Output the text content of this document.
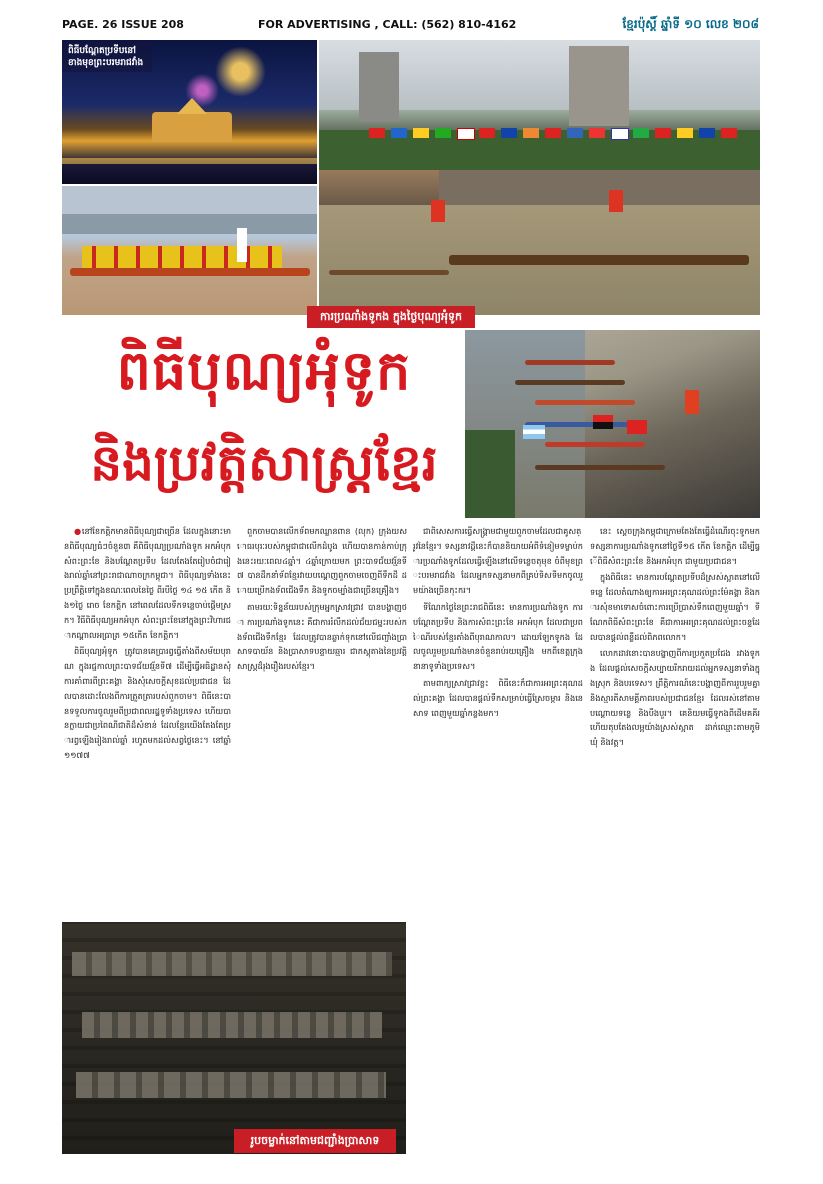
PAGE. 26 ISSUE 208	FOR ADVERTISING , CALL: (562) 810-4162	ខ្មែរប៉ុស្តិ៍ ឆ្នាំទី ១០ លេខ ២០៨
ពិធីបណ្តែតប្រទីបនៅខាងមុខព្រះបរមរាជវាំង
ការប្រណាំងទូកង ក្នុងថ្ងៃបុណ្យអុំទូក
ពិធីបុណ្យអុំទូក
និងប្រវត្តិសាស្ត្រខ្មែរ

●នៅខែកត្តិកមានពិធីបុណ្យជាច្រើន ដែលក្នុងនោះមានពិធីបុណ្យធំៗចំនួន៣ គឺពិធីបុណ្យប្រណាំងទូក អកអំបុក សំពះព្រះខែ និងបណ្តែតប្រទីប ដែលតែងតែរៀបចំជារៀងរាល់ឆ្នាំនៅព្រះរាជាណាចក្រកម្ពុជា។ ពិធីបុណ្យទាំងនេះប្រព្រឹត្តិទៅក្នុងខណៈពេលនៃថ្ងៃ ពីរបីថ្ងៃ ១៤ ១៥ កើត និង១ថ្ងៃ រោច ខែកត្តិក នៅពេលដែលទឹកទន្លេចាប់ផ្តើមស្រក។ វិធីពិធីបុណ្យអកអំបុក សំពះព្រះខែនៅក្នុងព្រះវិហារជាកណ្តាលអធ្រាត្រ ១៥កើត ខែកត្តិក។

ពិធីបុណ្យអុំទូក ត្រូវបានគេប្រារព្ធធ្វើតាំងពីសម័យបុរាណ ក្នុងរជ្ជកាលព្រះបាទជ័យវរ្ម័នទី៧ ដើម្បីធ្វើអធិដ្ឋានសុំការគាំពារពីព្រះគង្គា និងសុំសេចក្តីសុខដល់ប្រជាជន ដែលបានដោះលែងពីការត្រួតត្រារបស់ពួកចាម។ ពិធីនេះបានទទួលការចូលរួមពីប្រជាពលរដ្ឋទូទាំងប្រទេស ហើយបានក្លាយជាប្រពៃណីជាតិដ៏សំខាន់ ដែលខ្មែរយើងតែងតែប្រារព្ធឡើងរៀងរាល់ឆ្នាំ រហូតមកដល់សព្វថ្ងៃនេះ។ នៅឆ្នាំ ១១៧៧

ពួកចាមបានលើកទ័ពមកឈ្លានពាន (លុក) ក្រុងយសោធរបុរៈរបស់កម្ពុជាជាលើកដំបូង ហើយបានកាន់កាប់ក្រុងនេះរយៈពេល៤ឆ្នាំ។ ៤ឆ្នាំក្រោយមក ព្រះបាទជ័យវរ្ម័នទី៧ បានដឹកនាំទ័ពខ្មែរវាយបណ្តេញពួកចាមចេញពីទឹកដី ដោយប្រើកងទ័ពជើងទឹក និងទូកចម្បាំងជាច្រើនគ្រឿង។

តាមរយៈទិន្នន័យរបស់ក្រុមអ្នកស្រាវជ្រាវ បានបង្ហាញថា ការប្រណាំងទូកនេះ គឺជាការរំលឹកដល់ជ័យជម្នះរបស់កងទ័ពជើងទឹកខ្មែរ ដែលត្រូវបានឆ្លាក់ទុកនៅលើជញ្ជាំងប្រាសាទបាយ័ន និងប្រាសាទបន្ទាយឆ្មារ ជាភស្តុតាងនៃប្រវត្តិសាស្ត្រដ៏រុងរឿងរបស់ខ្មែរ។

ជាពិសេសការធ្វើសង្គ្រាមជាមួយពួកចាមដែលជាគូសត្រូវនៃខ្មែរ។ ទស្សនាវដ្ដីនេះក៏បាននិយាយអំពីទំនៀមទម្លាប់ការប្រណាំងទូកដែលធ្វើឡើងនៅលើទន្លេចតុមុខ ចំពីមុខព្រះបរមរាជវាំង ដែលអ្នកទស្សនាមកពីគ្រប់ទិសទីមកចូលរួមយ៉ាងច្រើនកុះករ។

ទីណែកថ្ងៃនៃព្រះរាជពិធីនេះ មានការប្រណាំងទូក ការបណ្តែតប្រទីប និងការសំពះព្រះខែ អកអំបុក ដែលជាប្រពៃណីរបស់ខ្មែរតាំងពីបុរាណកាល។ ដោយឡែកទូកង ដែលចូលរួមប្រណាំងមានចំនួនរាប់រយគ្រឿង មកពីខេត្តក្រុងនានាទូទាំងប្រទេស។

តាមពាក្យស្រាវជ្រាវខ្លះ ពិធីនេះក៏ជាការអរព្រះគុណដល់ព្រះគង្គា ដែលបានផ្តល់ទឹកសម្រាប់ធ្វើស្រែចម្ការ និងនេសាទ ពេញមួយឆ្នាំកន្លងមក។

នេះ ស្តេចក្រុងកម្ពុជាក្រោមតែងតែធ្វើដំណើរចុះទូកមកទស្សនាការប្រណាំងទូកនៅថ្ងៃទី១៥ កើត ខែកត្តិក ដើម្បីធ្វើពិធីសំពះព្រះខែ និងអកអំបុក ជាមួយប្រជាជន។

ក្នុងពិធីនេះ មានការបណ្តែតប្រទីបដ៏ស្រស់ស្អាតនៅលើទន្លេ ដែលតំណាងឲ្យការអរព្រះគុណដល់ព្រះម៉ែគង្គា និងការសុំខមាទោសចំពោះការប្រើប្រាស់ទឹកពេញមួយឆ្នាំ។ ទីណែកពិធីសំពះព្រះខែ គឺជាការអរព្រះគុណដល់ព្រះចន្ទដែលបានផ្តល់ពន្លឺដល់ពិភពលោក។

លោកដាវនោះបានបង្ហាញពីការប្រកួតប្រជែង រវាងទូកង ដែលផ្តល់សេចក្តីសប្បាយរីករាយដល់អ្នកទស្សនាទាំងក្នុងស្រុក និងបរទេស។ ព្រឹត្តិការណ៍នេះបង្ហាញពីការរួបរួមគ្នា និងស្មារតីសាមគ្គីភាពរបស់ប្រជាជនខ្មែរ ដែលរស់នៅតាមបណ្តោយទន្លេ និងបឹងបួរ។ គេនិយមធ្វើទូកងពីដើមគគីរ ហើយតុបតែងលម្អយ៉ាងស្រស់ស្អាត ដាក់ឈ្មោះតាមភូមិ ឃុំ និងវត្ត។

រូបចម្លាក់នៅតាមជញ្ជាំងប្រាសាទ
